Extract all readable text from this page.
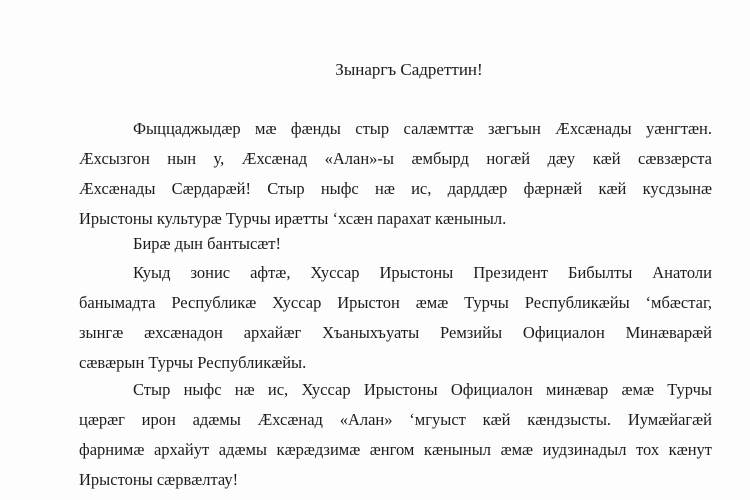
Зынаргъ Садреттин!

Фыццаджыдæр мæ фæнды стыр салæмттæ зæгъын Æхсæнады уæнгтæн.
Æхсызгон нын у, Æхсæнад «Алан»-ы æмбырд ногæй дæу кæй сæвзæрста
Æхсæнады Сæрдарæй! Стыр ныфс нæ ис, дарддæр фæрнæй кæй кусдзынæ
Ирыстоны культурæ Турчы ирæтты ‘хсæн парахат кæныныл.

Бирæ дын бантысæт!

Куыд зонис афтæ, Хуссар Ирыстоны Президент Бибылты Анатоли
банымадта Республикæ Хуссар Ирыстон æмæ Турчы Республикæйы ‘мбæстаг,
зынгæ æхсæнадон архайæг Хъаныхъуаты Ремзийы Официалон Минæварæй
сæвæрын Турчы Республикæйы.

Стыр ныфс нæ ис, Хуссар Ирыстоны Официалон минæвар æмæ Турчы
цæрæг ирон адæмы Æхсæнад «Алан» ‘мгуыст кæй кæндзысты. Иумæйагæй
фарнимæ архайут адæмы кæрæдзимæ æнгом кæныныл æмæ иудзинадыл тох кæнут
Ирыстоны сæрвæлтау!
